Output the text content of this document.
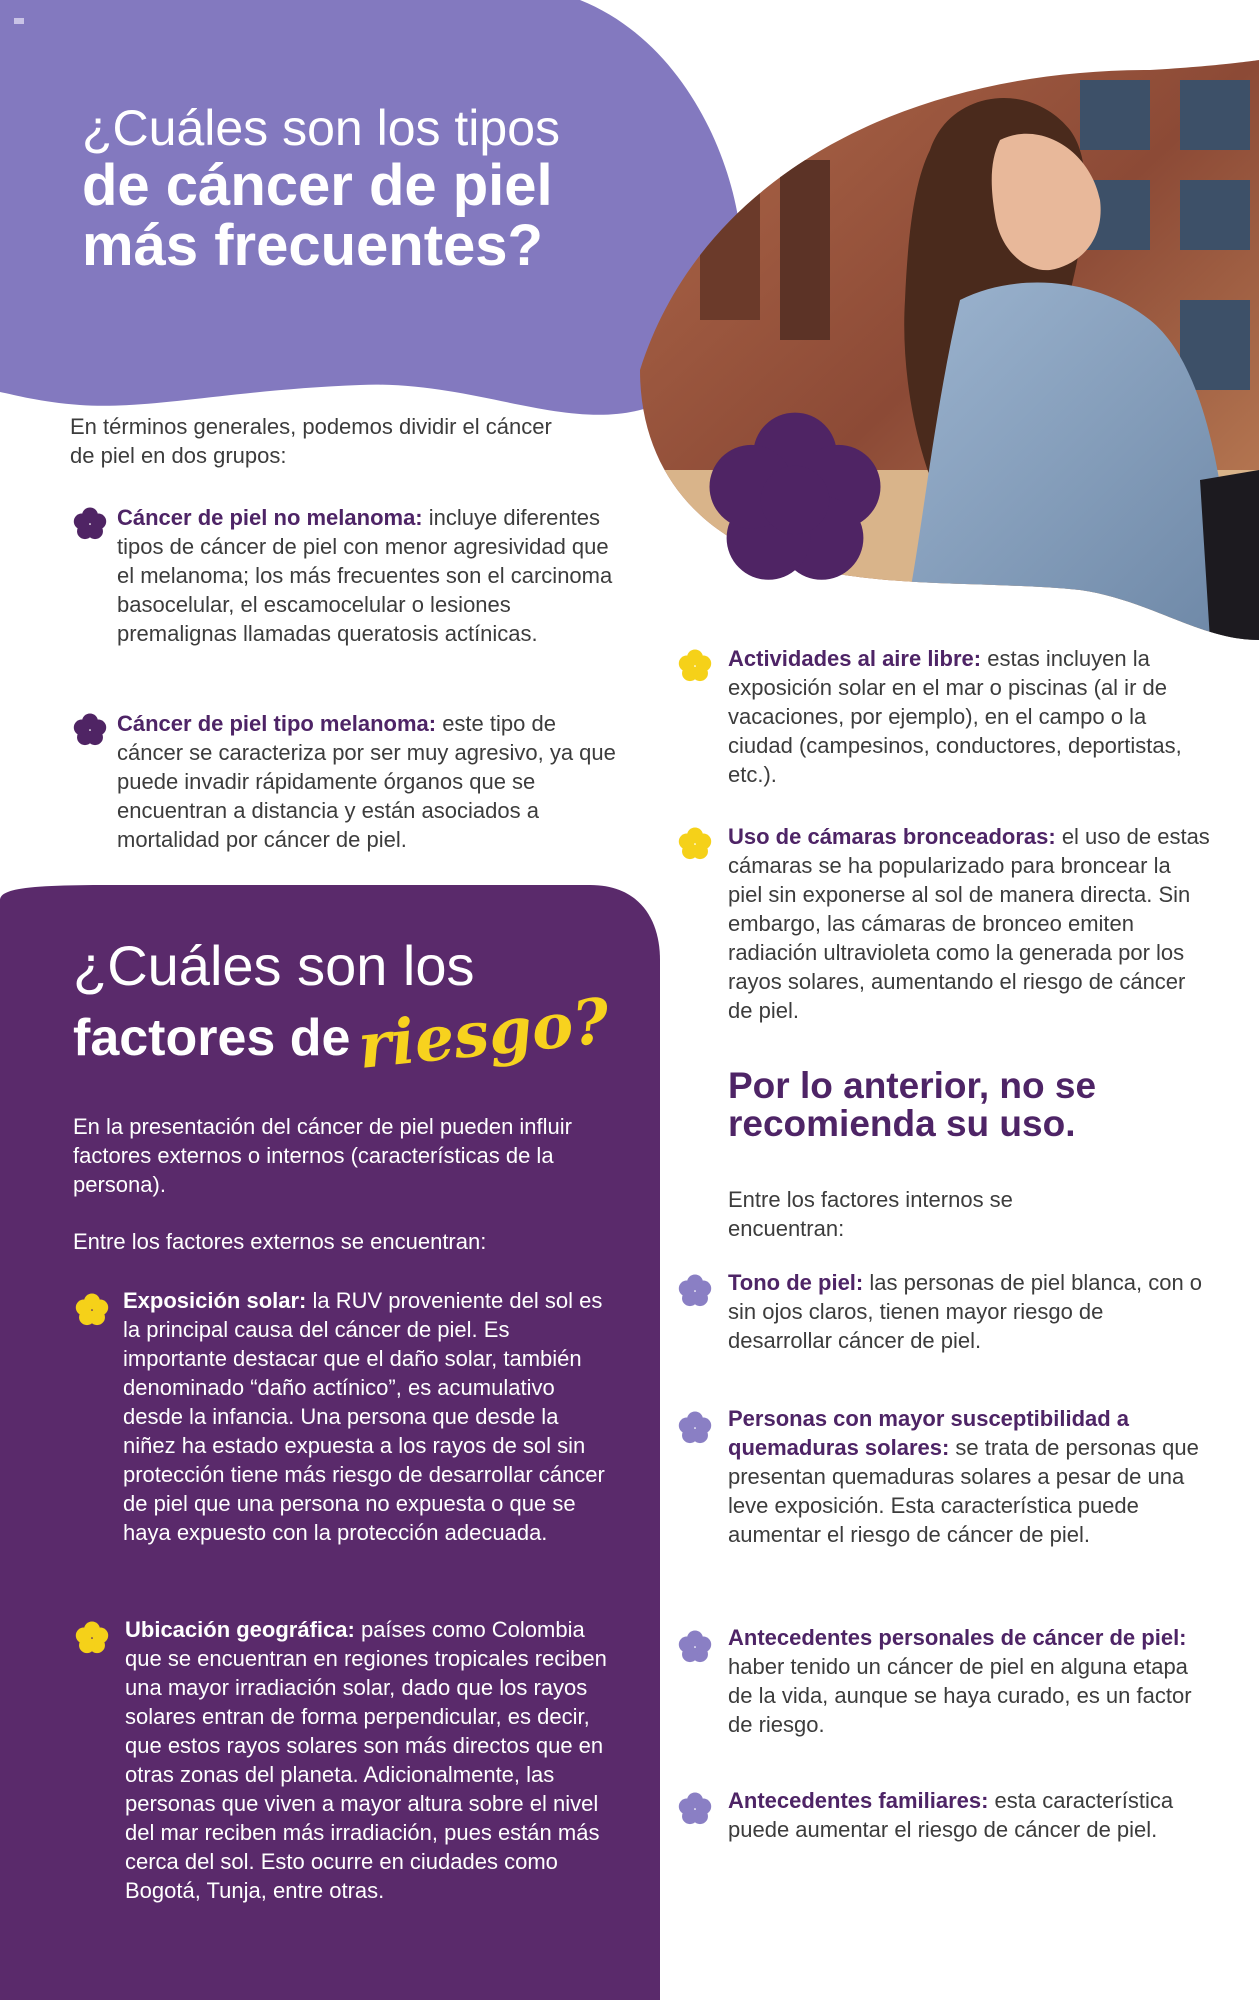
¿Cuáles son los tipos
de cáncer de piel
más frecuentes?
En términos generales, podemos dividir el cáncer de piel en dos grupos:
Cáncer de piel no melanoma: incluye diferentes tipos de cáncer de piel con menor agresividad que el melanoma; los más frecuentes son el carcinoma basocelular, el escamocelular o lesiones premalignas llamadas queratosis actínicas.
Cáncer de piel tipo melanoma: este tipo de cáncer se caracteriza por ser muy agresivo, ya que puede invadir rápidamente órganos que se encuentran a distancia y están asociados a mortalidad por cáncer de piel.
¿Cuáles son los
factores deriesgo?
En la presentación del cáncer de piel pueden influir factores externos o internos (características de la persona).
Entre los factores externos se encuentran:
Exposición solar: la RUV proveniente del sol es la principal causa del cáncer de piel. Es importante destacar que el daño solar, también denominado “daño actínico”, es acumulativo desde la infancia. Una persona que desde la niñez ha estado expuesta a los rayos de sol sin protección tiene más riesgo de desarrollar cáncer de piel que una persona no expuesta o que se haya expuesto con la protección adecuada.
Ubicación geográfica: países como Colombia que se encuentran en regiones tropicales reciben una mayor irradiación solar, dado que los rayos solares entran de forma perpendicular, es decir, que estos rayos solares son más directos que en otras zonas del planeta. Adicionalmente, las personas que viven a mayor altura sobre el nivel del mar reciben más irradiación, pues están más cerca del sol. Esto ocurre en ciudades como Bogotá, Tunja, entre otras.
Actividades al aire libre: estas incluyen la exposición solar en el mar o piscinas (al ir de vacaciones, por ejemplo), en el campo o la ciudad (campesinos, conductores, deportistas, etc.).
Uso de cámaras bronceadoras: el uso de estas cámaras se ha popularizado para broncear la piel sin exponerse al sol de manera directa. Sin embargo, las cámaras de bronceo emiten radiación ultravioleta como la generada por los rayos solares, aumentando el riesgo de cáncer de piel.
Por lo anterior, no se recomienda su uso.
Entre los factores internos se encuentran:
Tono de piel: las personas de piel blanca, con o sin ojos claros, tienen mayor riesgo de desarrollar cáncer de piel.
Personas con mayor susceptibilidad a quemaduras solares: se trata de personas que presentan quemaduras solares a pesar de una leve exposición. Esta característica puede aumentar el riesgo de cáncer de piel.
Antecedentes personales de cáncer de piel: haber tenido un cáncer de piel en alguna etapa de la vida, aunque se haya curado, es un factor de riesgo.
Antecedentes familiares: esta característica puede aumentar el riesgo de cáncer de piel.
